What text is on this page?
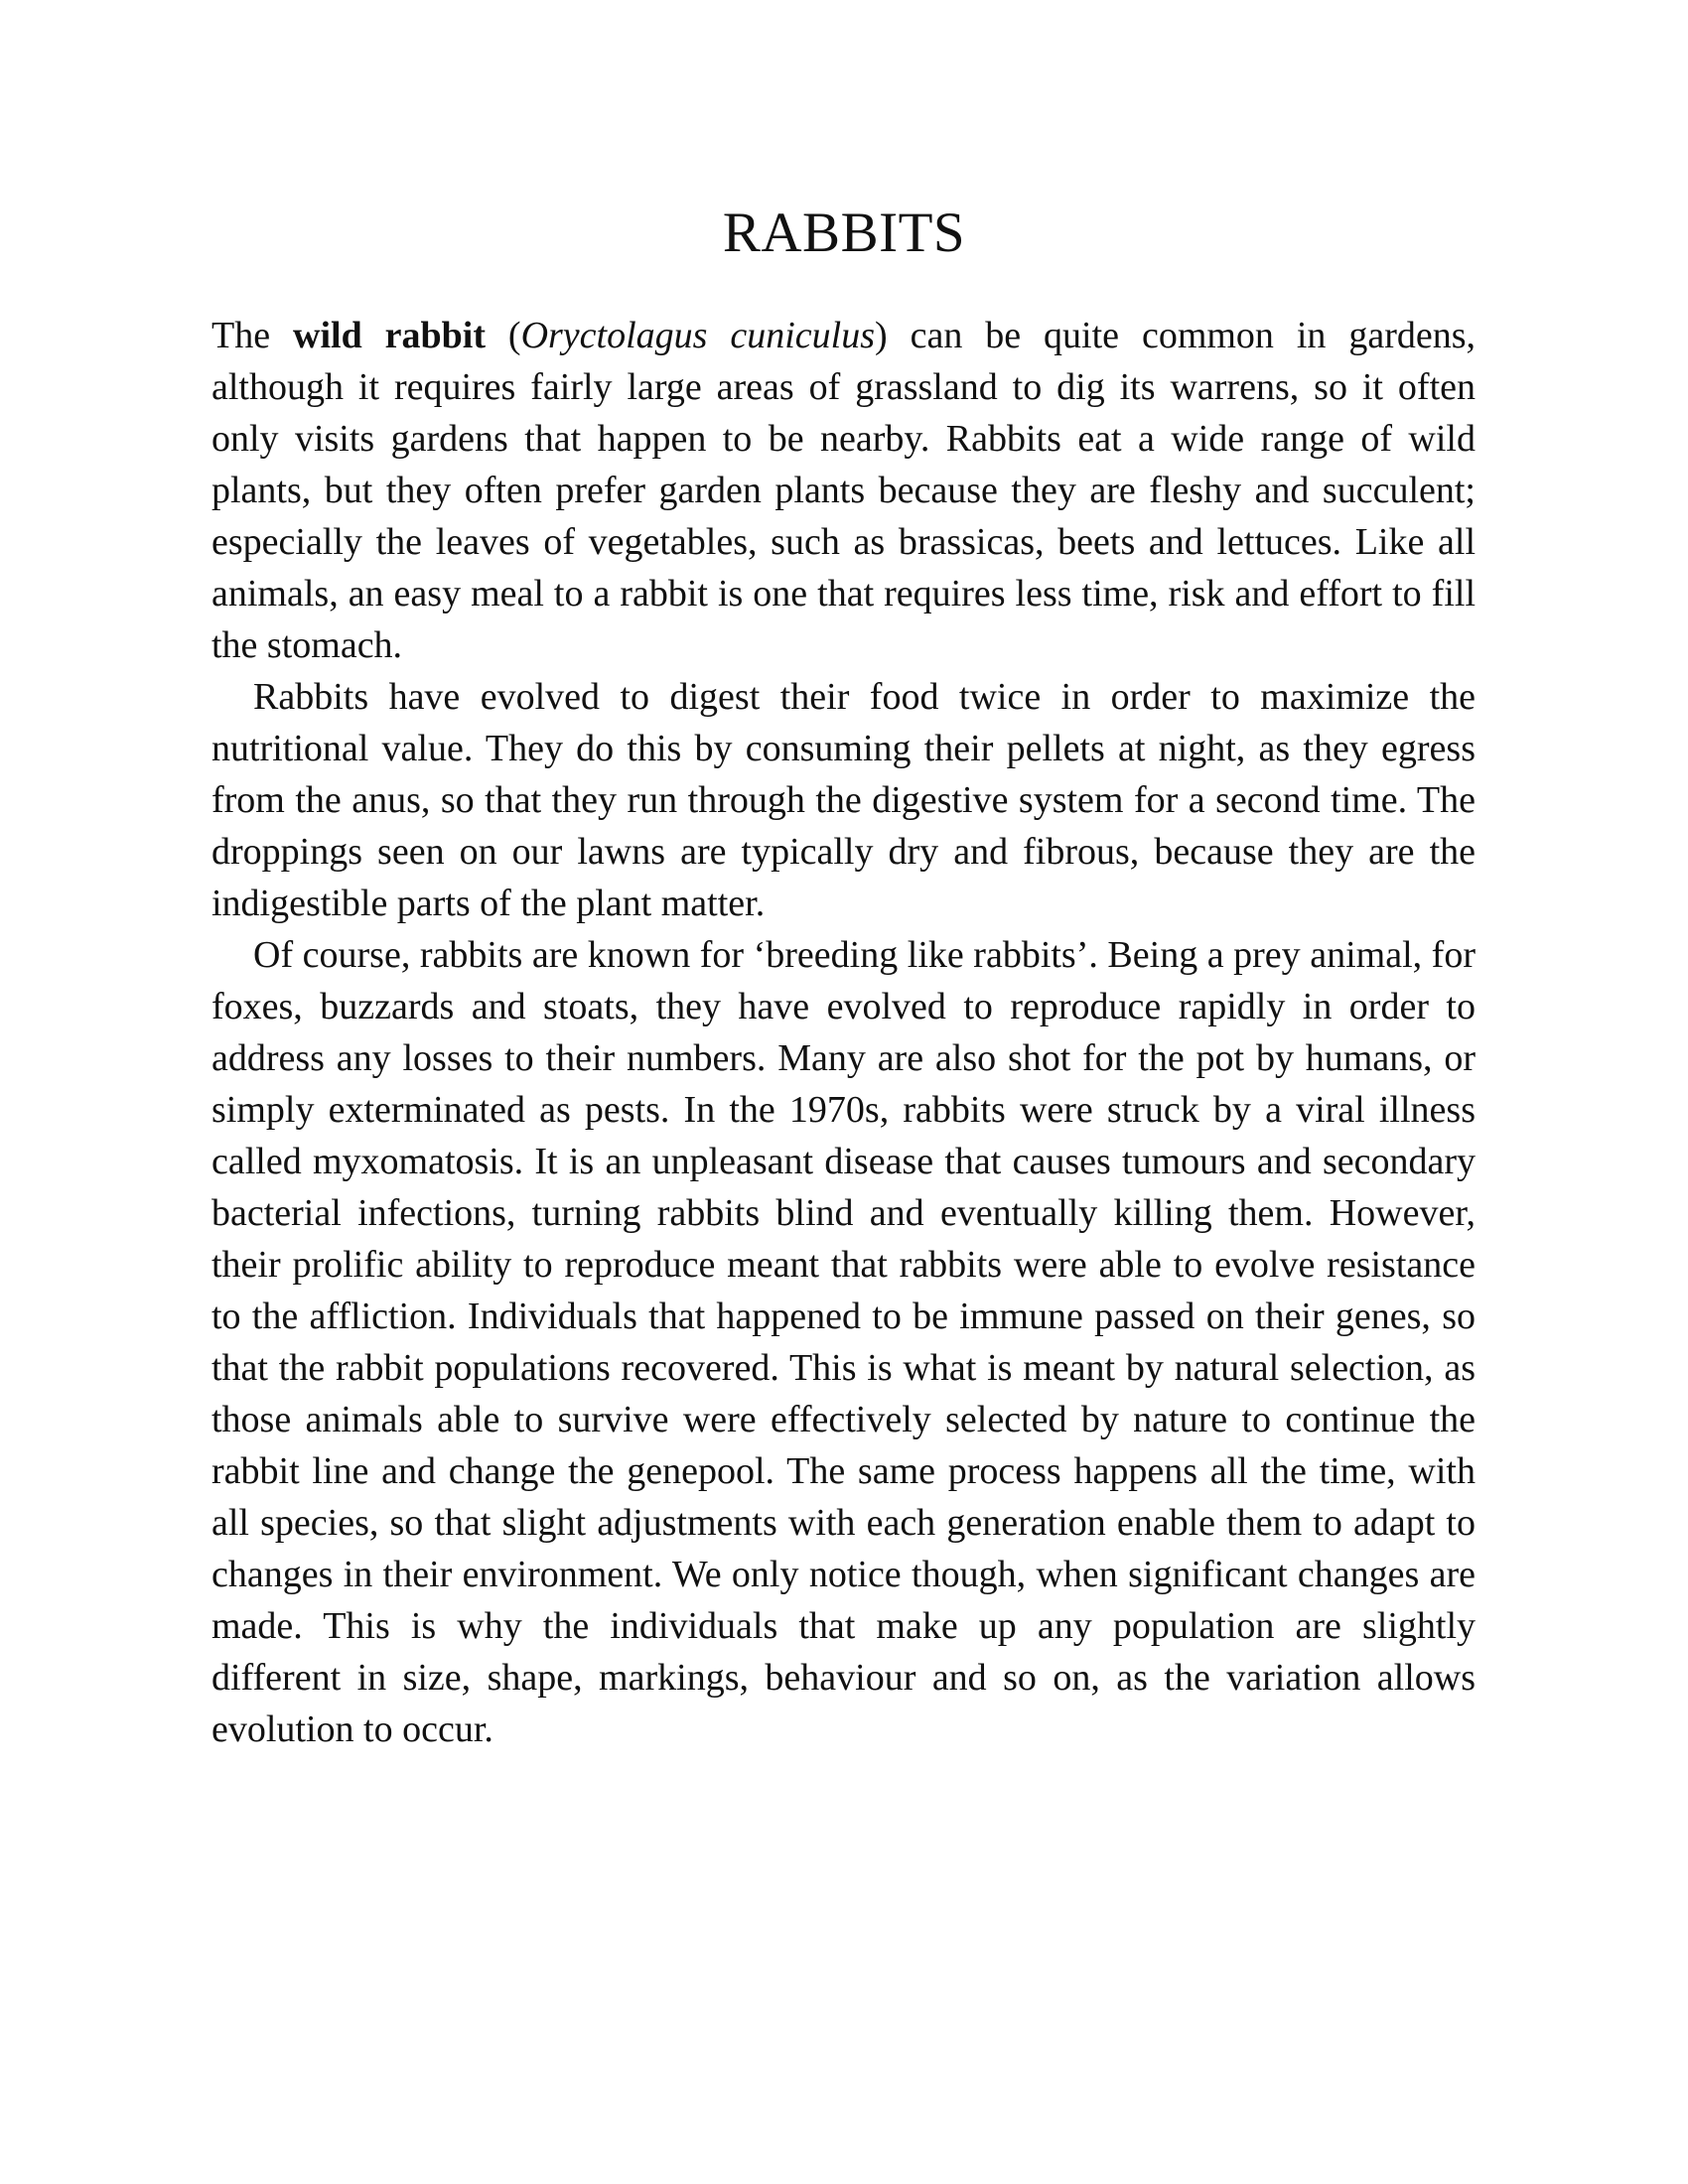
RABBITS

The wild rabbit (Oryctolagus cuniculus) can be quite common in gardens, although it requires fairly large areas of grassland to dig its warrens, so it often only visits gardens that happen to be nearby. Rabbits eat a wide range of wild plants, but they often prefer garden plants because they are fleshy and succulent; especially the leaves of vegetables, such as brassicas, beets and lettuces. Like all animals, an easy meal to a rabbit is one that requires less time, risk and effort to fill the stomach.

Rabbits have evolved to digest their food twice in order to maximize the nutritional value. They do this by consuming their pellets at night, as they egress from the anus, so that they run through the digestive system for a second time. The droppings seen on our lawns are typically dry and fibrous, because they are the indigestible parts of the plant matter.

Of course, rabbits are known for ‘breeding like rabbits’. Being a prey animal, for foxes, buzzards and stoats, they have evolved to reproduce rapidly in order to address any losses to their numbers. Many are also shot for the pot by humans, or simply exterminated as pests. In the 1970s, rabbits were struck by a viral illness called myxomatosis. It is an unpleasant disease that causes tumours and secondary bacterial infections, turning rabbits blind and eventually killing them. However, their prolific ability to reproduce meant that rabbits were able to evolve resistance to the affliction. Individuals that happened to be immune passed on their genes, so that the rabbit populations recovered. This is what is meant by natural selection, as those animals able to survive were effectively selected by nature to continue the rabbit line and change the genepool. The same process happens all the time, with all species, so that slight adjustments with each generation enable them to adapt to changes in their environment. We only notice though, when significant changes are made. This is why the individuals that make up any population are slightly different in size, shape, markings, behaviour and so on, as the variation allows evolution to occur.
